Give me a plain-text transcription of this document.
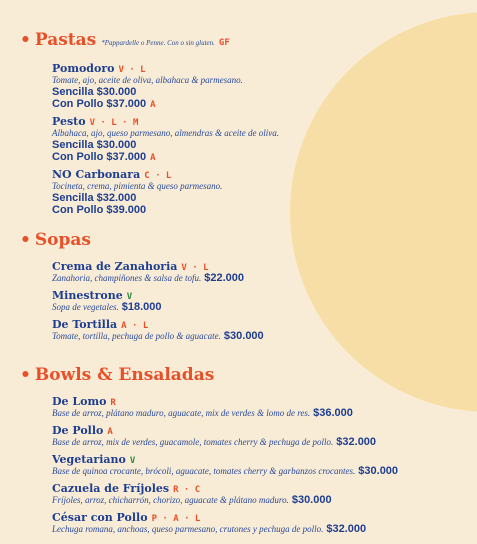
• Pastas *Pappardelle o Penne. Con o sin gluten. GF
Pomodoro V · L
Tomate, ajo, aceite de oliva, albahaca & parmesano.
Sencilla $30.000
Con Pollo $37.000 A
Pesto V · L · M
Albahaca, ajo, queso parmesano, almendras & aceite de oliva.
Sencilla $30.000
Con Pollo $37.000 A
NO Carbonara C · L
Tocineta, crema, pimienta & queso parmesano.
Sencilla $32.000
Con Pollo $39.000
• Sopas
Crema de Zanahoria V · L
Zanahoria, champiñones & salsa de tofu. $22.000
Minestrone V
Sopa de vegetales. $18.000
De Tortilla A · L
Tomate, tortilla, pechuga de pollo & aguacate. $30.000
• Bowls & Ensaladas
De Lomo R
Base de arroz, plátano maduro, aguacate, mix de verdes & lomo de res. $36.000
De Pollo A
Base de arroz, mix de verdes, guacamole, tomates cherry & pechuga de pollo. $32.000
Vegetariano V
Base de quinoa crocante, brócoli, aguacate, tomates cherry & garbanzos crocantes. $30.000
Cazuela de Fríjoles R · C
Fríjoles, arroz, chicharrón, chorizo, aguacate & plátano maduro. $30.000
César con Pollo P · A · L
Lechuga romana, anchoas, queso parmesano, crutones y pechuga de pollo. $32.000
